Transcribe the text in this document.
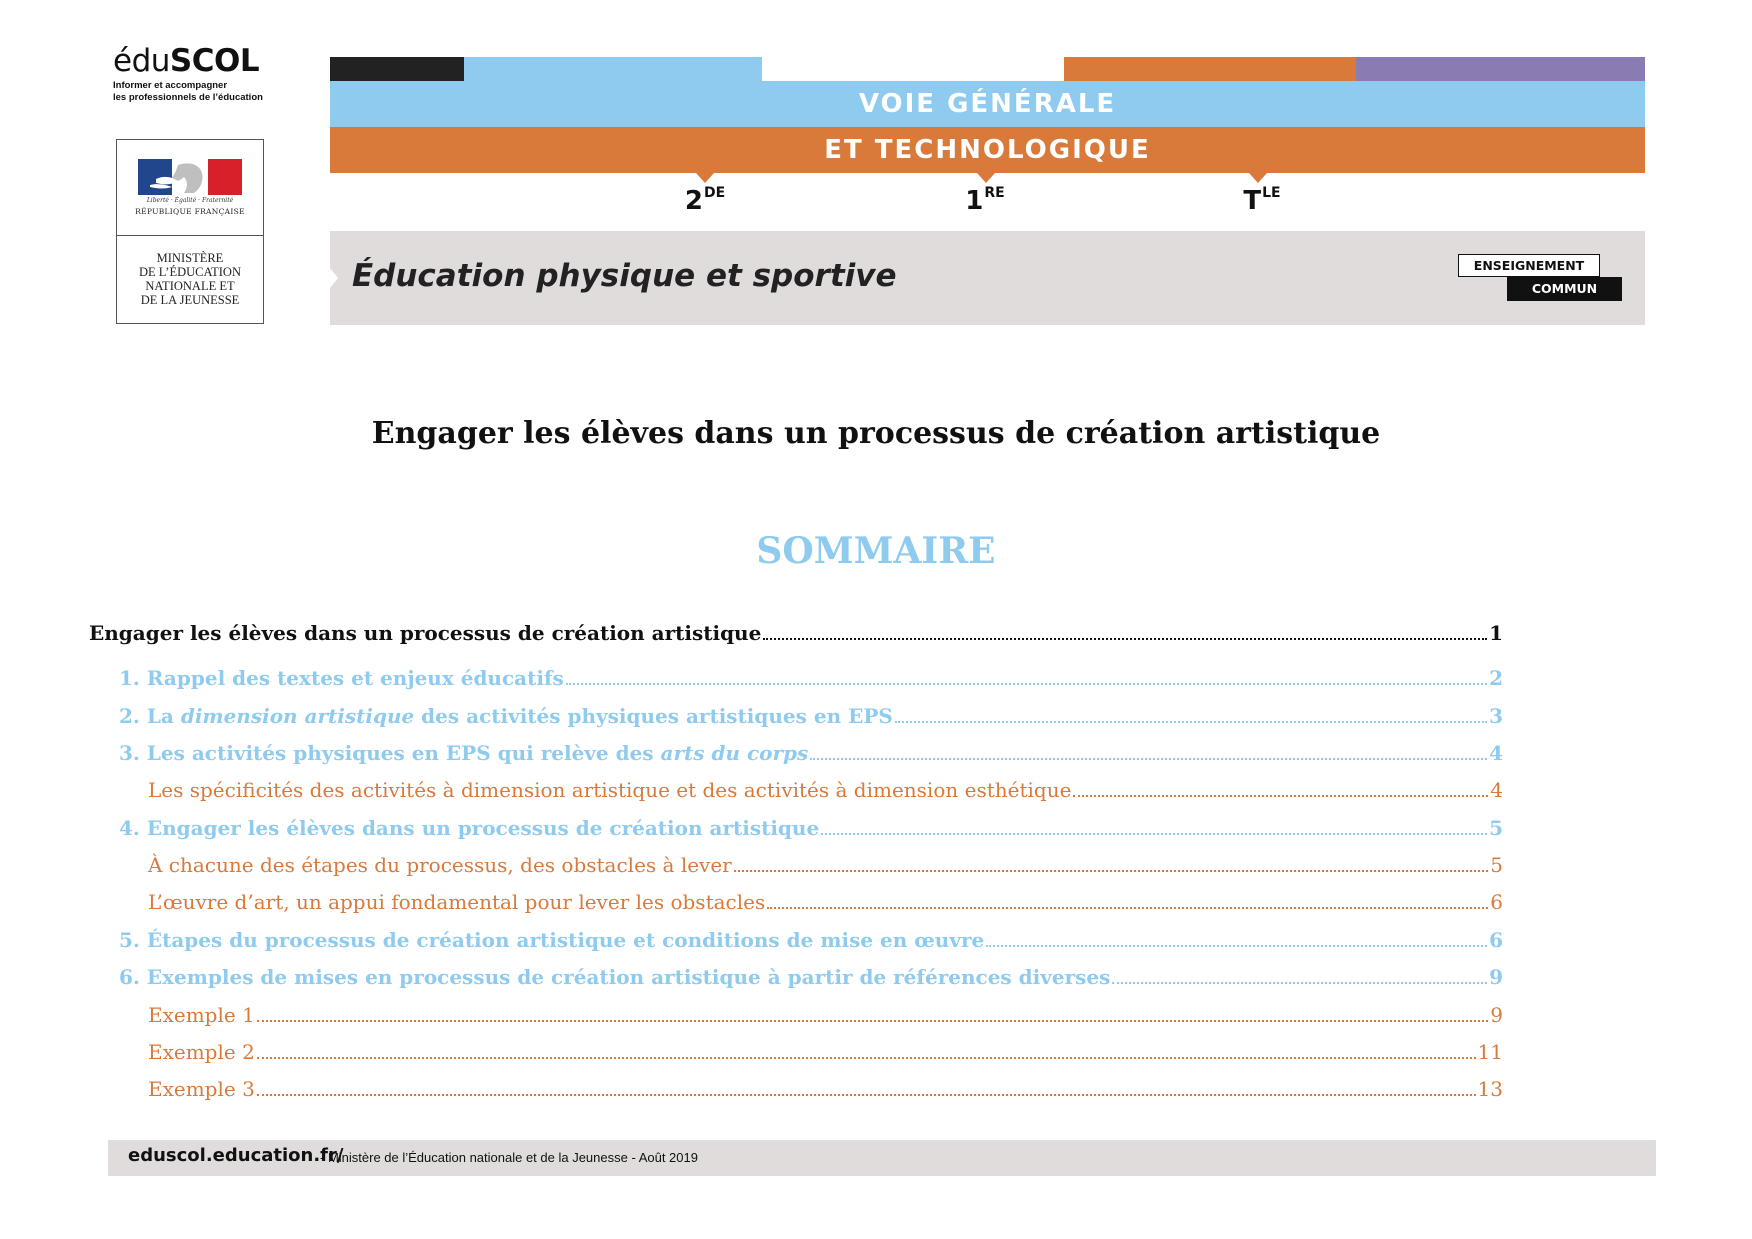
éduSCOL
Informer et accompagner
les professionnels de l’éducation
Liberté · Égalité · Fraternité
RÉPUBLIQUE FRANÇAISE
MINISTÈRE
DE L’ÉDUCATION
NATIONALE ET
DE LA JEUNESSE
VOIE GÉNÉRALE
ET TECHNOLOGIQUE
2DE	1RE	$T^{LE}$
Éducation physique et sportive	ENSEIGNEMENT
COMMUN
Engager les élèves dans un processus de création artistique
SOMMAIRE
Engager les élèves dans un processus de création artistique	1
1. Rappel des textes et enjeux éducatifs	2
2. La dimension artistique des activités physiques artistiques en EPS	3
3. Les activités physiques en EPS qui relève des arts du corps	4
Les spécificités des activités à dimension artistique et des activités à dimension esthétique	4
4. Engager les élèves dans un processus de création artistique	5
À chacune des étapes du processus, des obstacles à lever	5
L’œuvre d’art, un appui fondamental pour lever les obstacles	6
5. Étapes du processus de création artistique et conditions de mise en œuvre	6
6. Exemples de mises en processus de création artistique à partir de références diverses	9
Exemple 1	9
Exemple 2	11
Exemple 3	13
eduscol.education.fr/
- Ministère de l’Éducation nationale et de la Jeunesse - Août 2019
